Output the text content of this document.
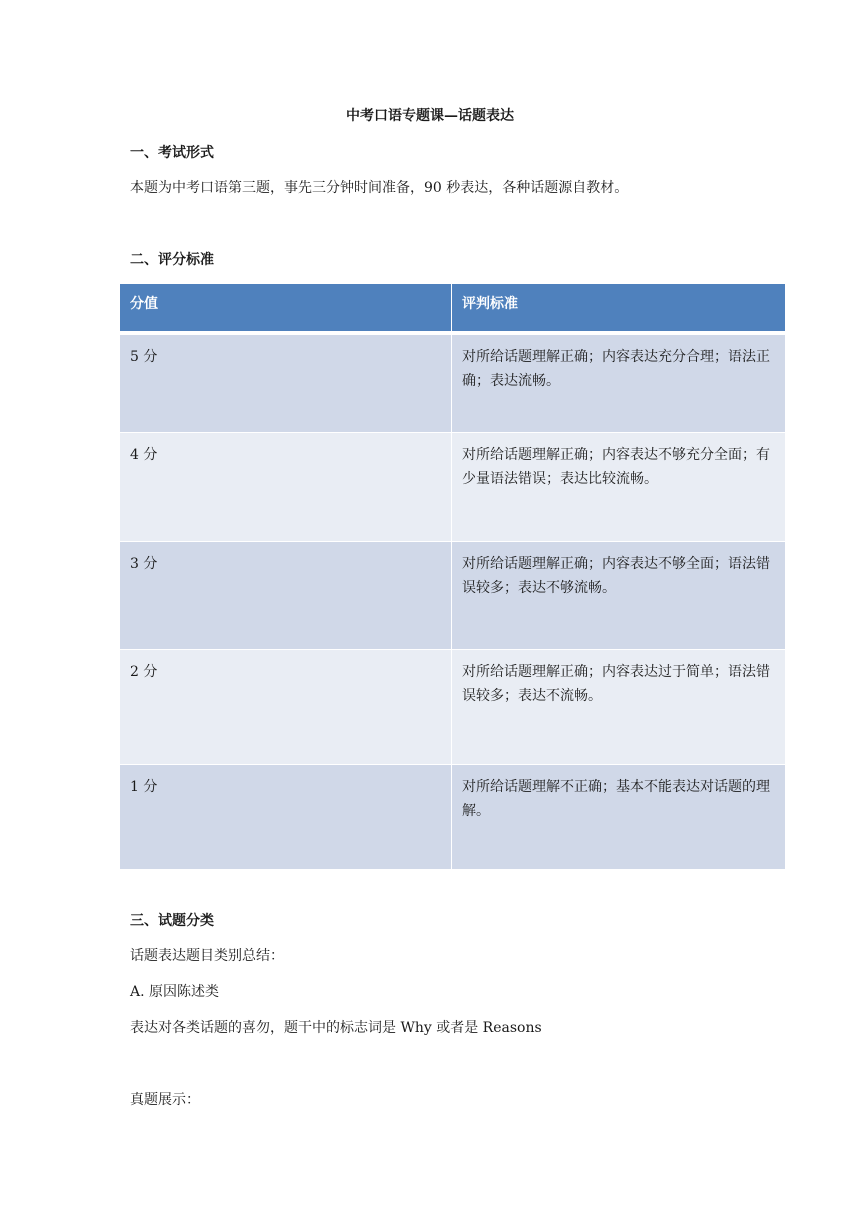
中考口语专题课—话题表达
一、考试形式
本题为中考口语第三题，事先三分钟时间准备，90 秒表达，各种话题源自教材。
二、评分标准
分值	评判标准
5 分	对所给话题理解正确；内容表达充分合理；语法正确；表达流畅。
4 分	对所给话题理解正确；内容表达不够充分全面；有少量语法错误；表达比较流畅。
3 分	对所给话题理解正确；内容表达不够全面；语法错误较多；表达不够流畅。
2 分	对所给话题理解正确；内容表达过于简单；语法错误较多；表达不流畅。
1 分	对所给话题理解不正确；基本不能表达对话题的理解。
三、试题分类
话题表达题目类别总结：
A. 原因陈述类
表达对各类话题的喜勿，题干中的标志词是 Why 或者是 Reasons
真题展示：
